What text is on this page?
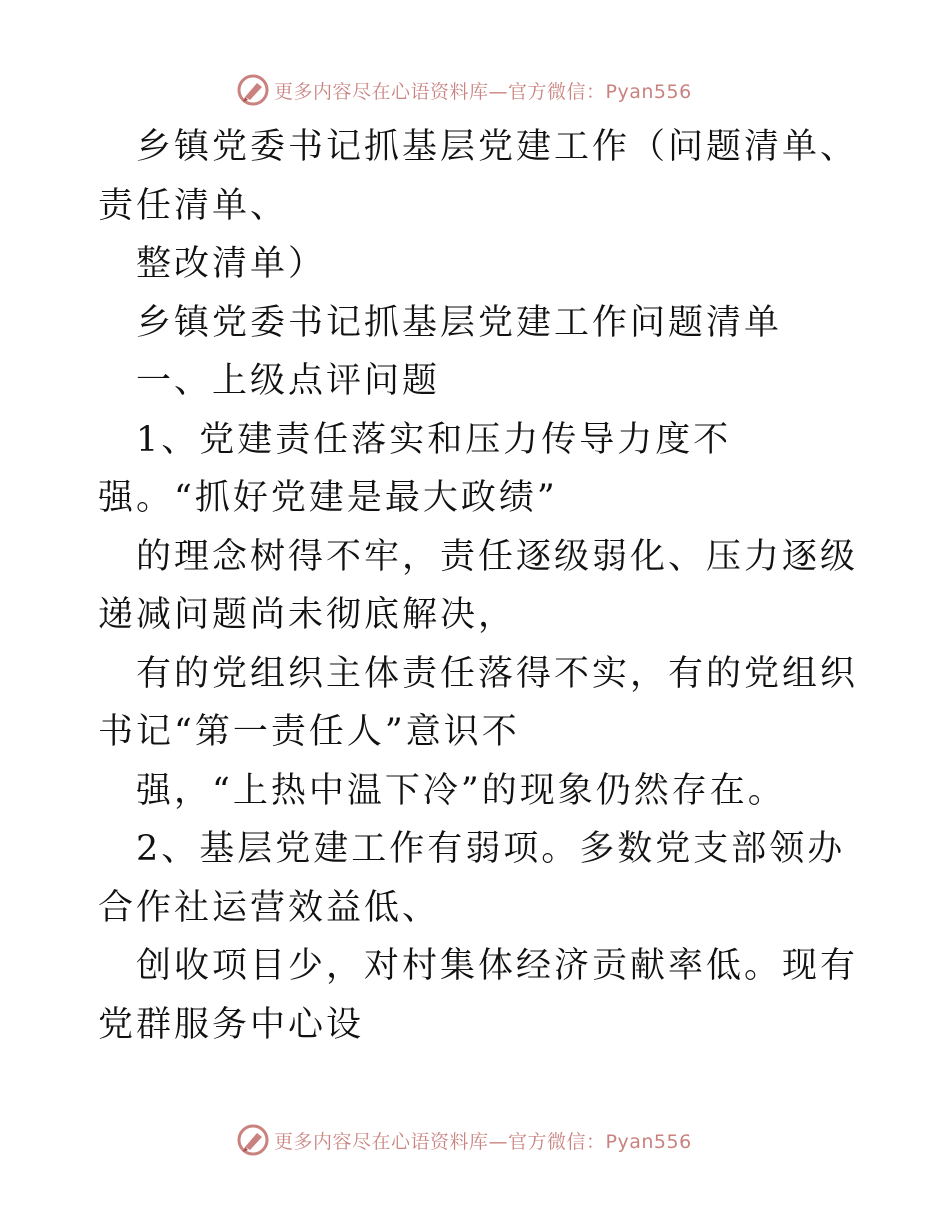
更多内容尽在心语资料库—官方微信：Pyan556

乡镇党委书记抓基层党建工作（问题清单、责任清单、

整改清单）

乡镇党委书记抓基层党建工作问题清单

一、上级点评问题

1、党建责任落实和压力传导力度不强。“抓好党建是最大政绩”

的理念树得不牢，责任逐级弱化、压力逐级递减问题尚未彻底解决，

有的党组织主体责任落得不实，有的党组织书记“第一责任人”意识不

强，“上热中温下冷”的现象仍然存在。

2、基层党建工作有弱项。多数党支部领办合作社运营效益低、

创收项目少，对村集体经济贡献率低。现有党群服务中心设

更多内容尽在心语资料库—官方微信：Pyan556
